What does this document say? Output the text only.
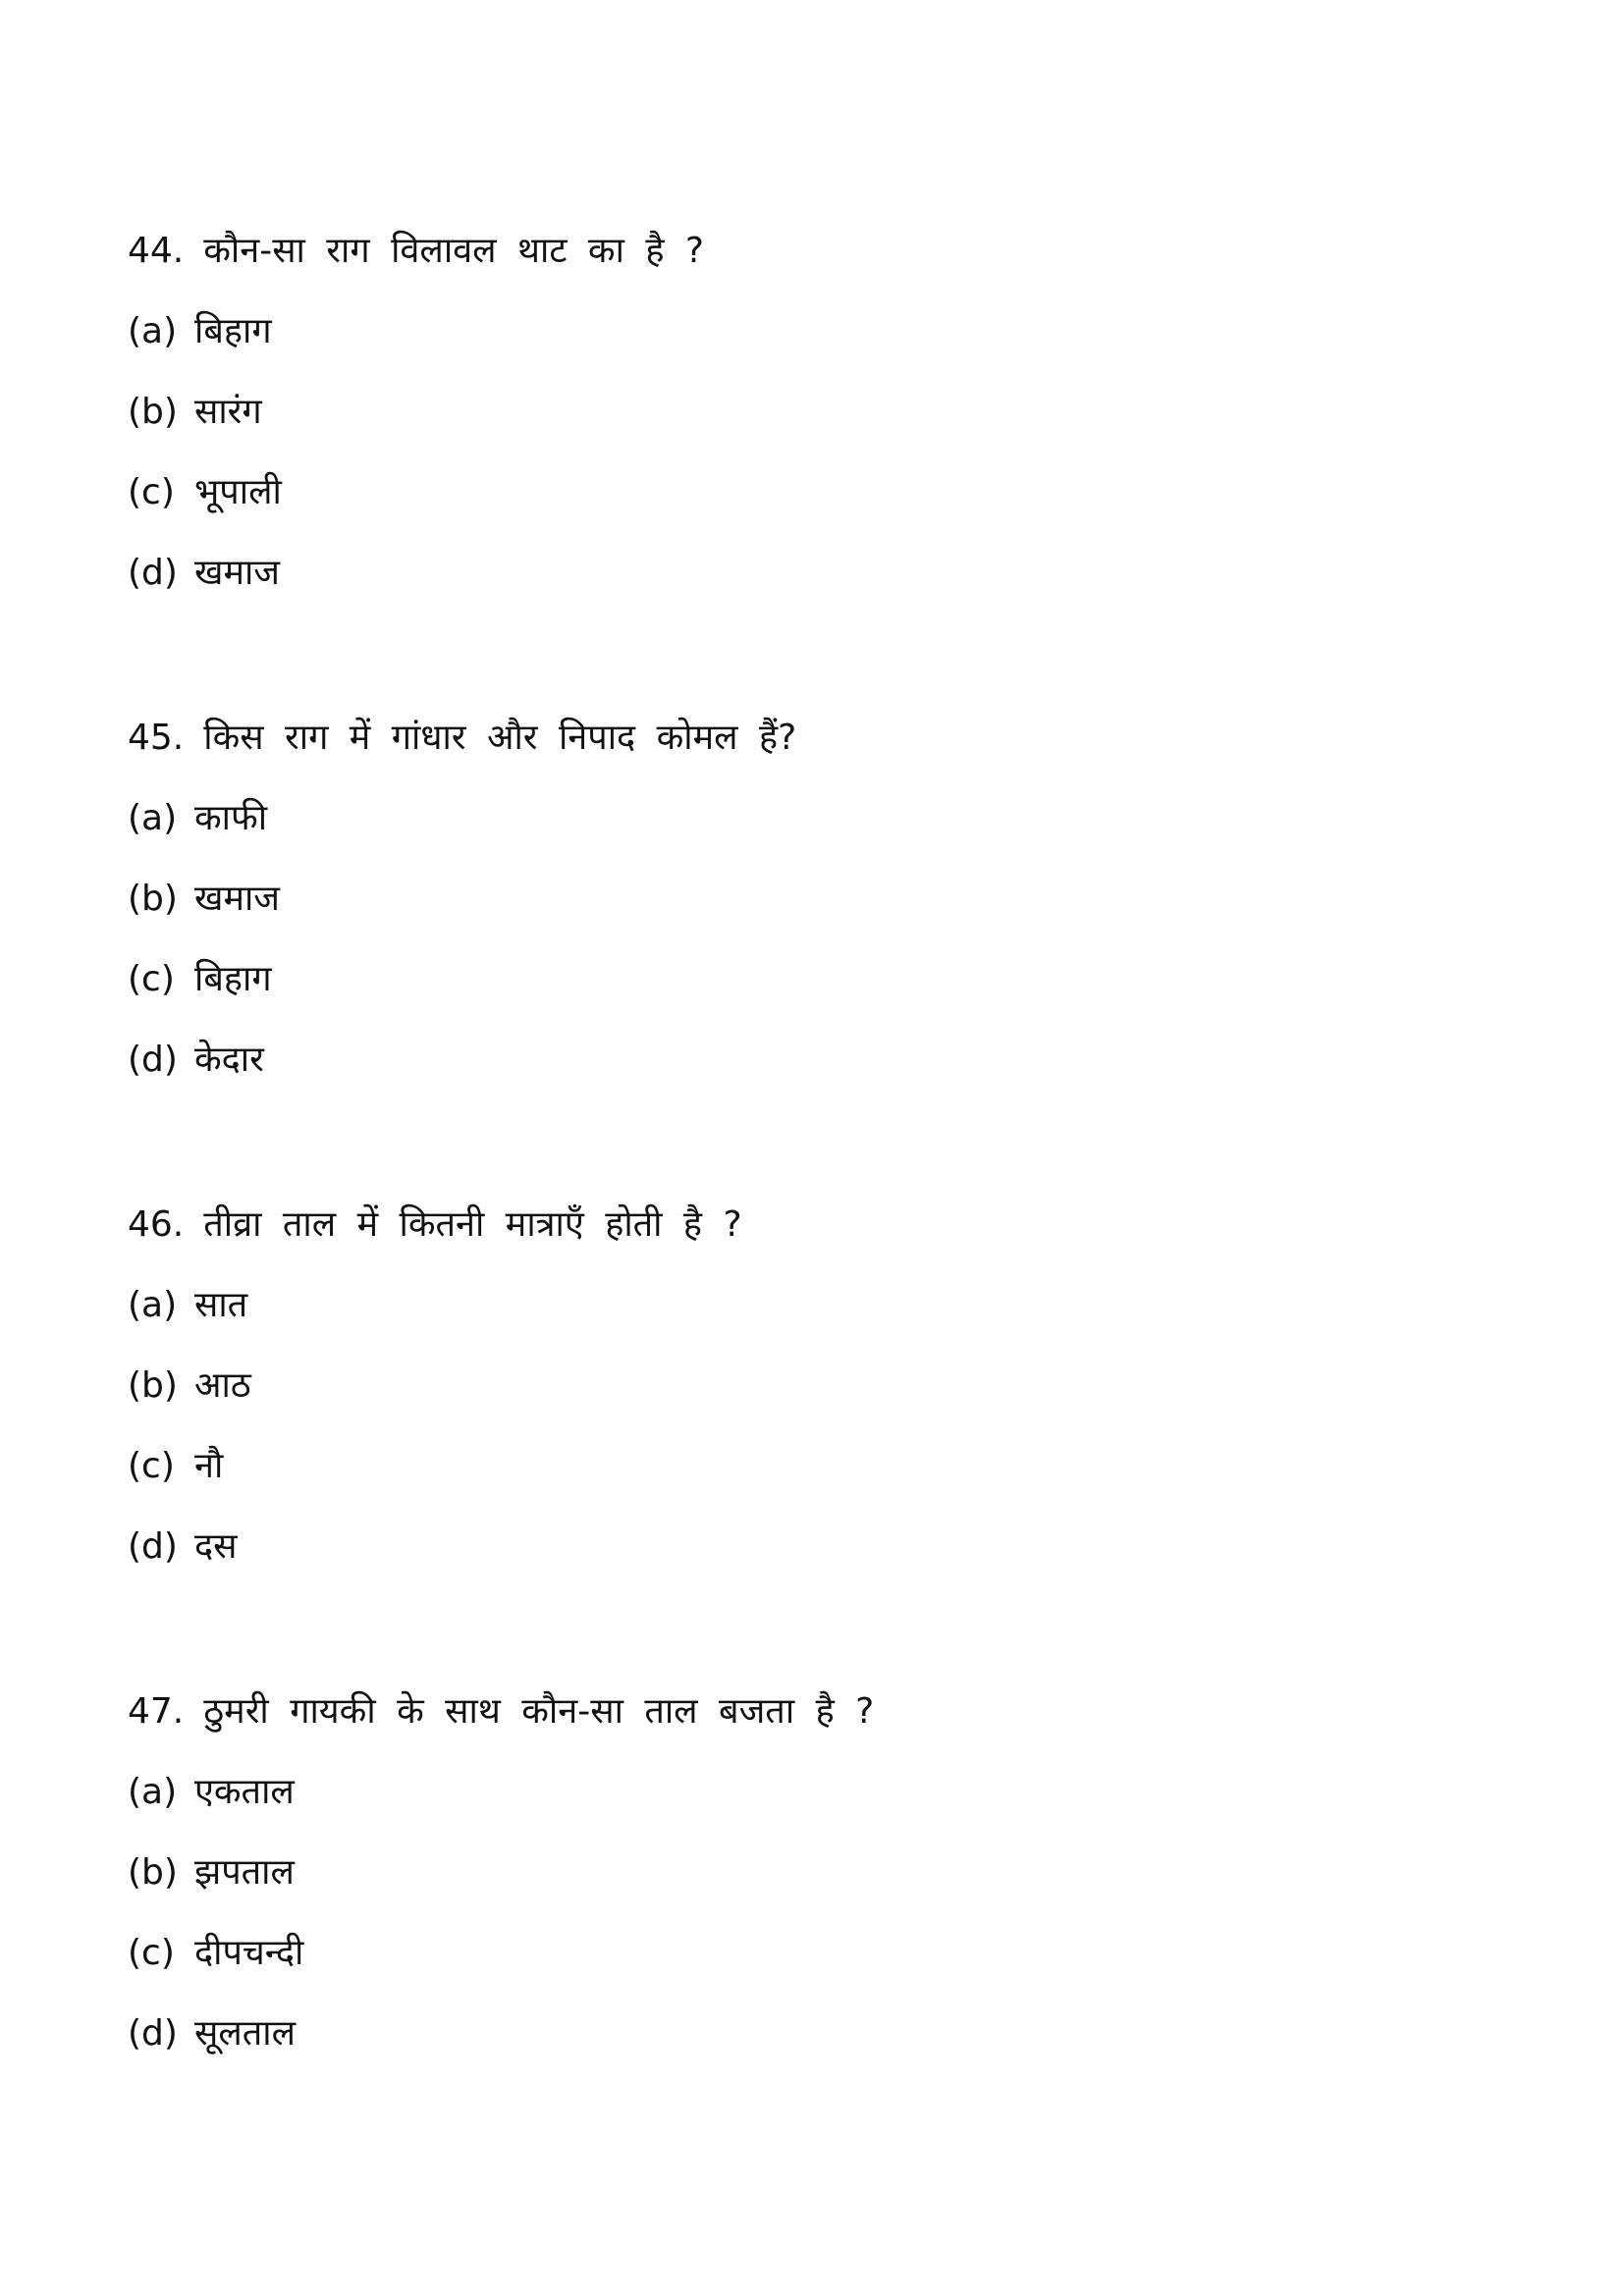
44. कौन-सा राग विलावल थाट का है ?
(a) बिहाग
(b) सारंग
(c) भूपाली
(d) खमाज
45. किस राग में गांधार और निपाद कोमल हैं?
(a) काफी
(b) खमाज
(c) बिहाग
(d) केदार
46. तीव्रा ताल में कितनी मात्राएँ होती है ?
(a) सात
(b) आठ
(c) नौ
(d) दस
47. ठुमरी गायकी के साथ कौन-सा ताल बजता है ?
(a) एकताल
(b) झपताल
(c) दीपचन्दी
(d) सूलताल
